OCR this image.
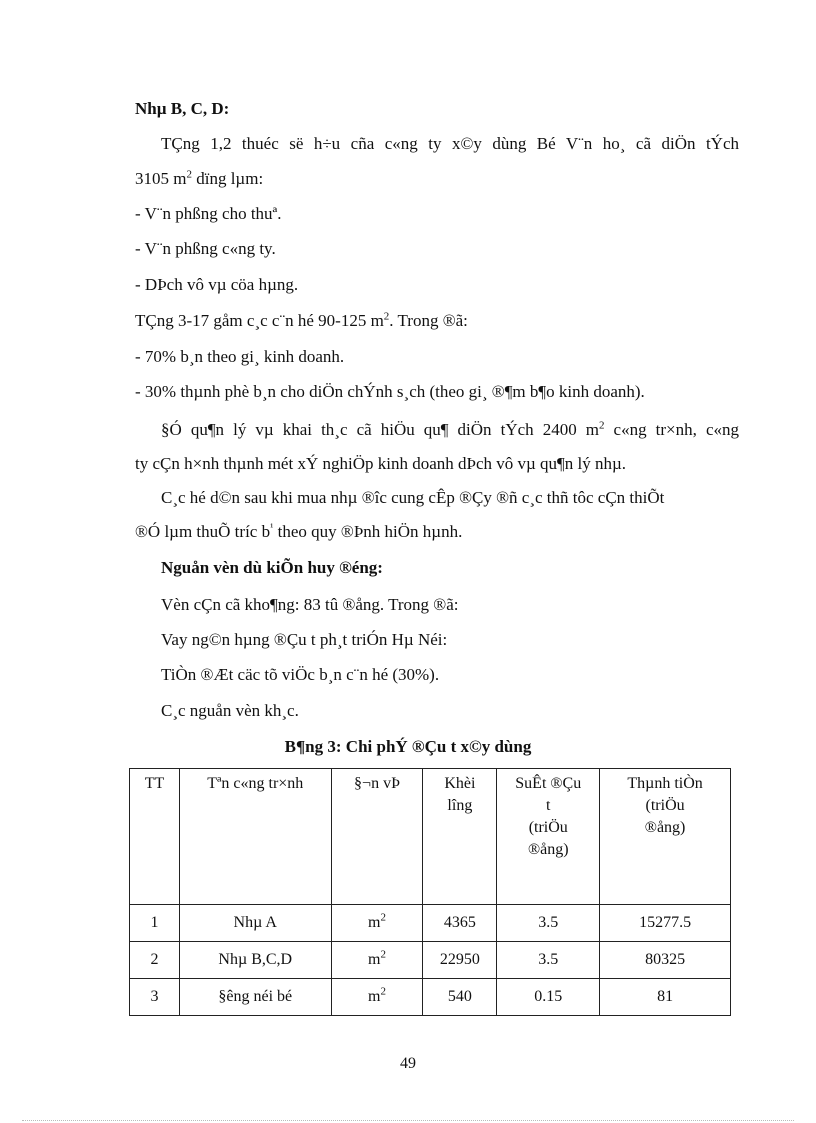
Nhµ B, C, D:
TÇng 1,2 thuéc së h÷u cña c«ng ty x©y dùng Bé V¨n ho¸ cã diÖn tÝch
3105 $m^2$ dïng lµm:
- V¨n phßng cho thuª.
- V¨n phßng c«ng ty.
- DÞch vô vµ cöa hµng.
TÇng 3-17 gåm c¸c c¨n hé 90-125 $m^2$. Trong ®ã:
- 70% b¸n theo gi¸ kinh doanh.
- 30% thµnh phè b¸n cho diÖn chÝnh s¸ch (theo gi¸ ®¶m b¶o kinh doanh).
§Ó qu¶n lý vµ khai th¸c cã hiÖu qu¶ diÖn tÝch 2400 $m^2$ c«ng tr×nh, c«ng
ty cÇn h×nh thµnh mét xÝ nghiÖp kinh doanh dÞch vô vµ qu¶n lý nhµ.
C¸c hé d©n sau khi mua nhµ ®îc cung cÊp ®Çy ®ñ c¸c thñ tôc cÇn thiÕt
®Ó lµm thuÕ tríc $b^{^1}$ theo quy ®Þnh hiÖn hµnh.
Nguån vèn dù kiÕn huy ®éng:
Vèn cÇn cã kho¶ng: 83 tû ®ång. Trong ®ã:
Vay ng©n hµng ®Çu t ph¸t triÓn Hµ Néi:
TiÒn ®Æt cäc tõ viÖc b¸n c¨n hé (30%).
C¸c nguån vèn kh¸c.
B¶ng 3: Chi phÝ ®Çu t x©y dùng
TT	Tªn c«ng tr×nh	§¬n vÞ	Khèi
lîng	SuÊt ®Çu
t
(triÖu
®ång)	Thµnh tiÒn
(triÖu
®ång)
1	Nhµ A	$m^2$	4365	3.5	15277.5
2	Nhµ B,C,D	$m^2$	22950	3.5	80325
3	§êng néi bé	$m^2$	540	0.15	81
49
